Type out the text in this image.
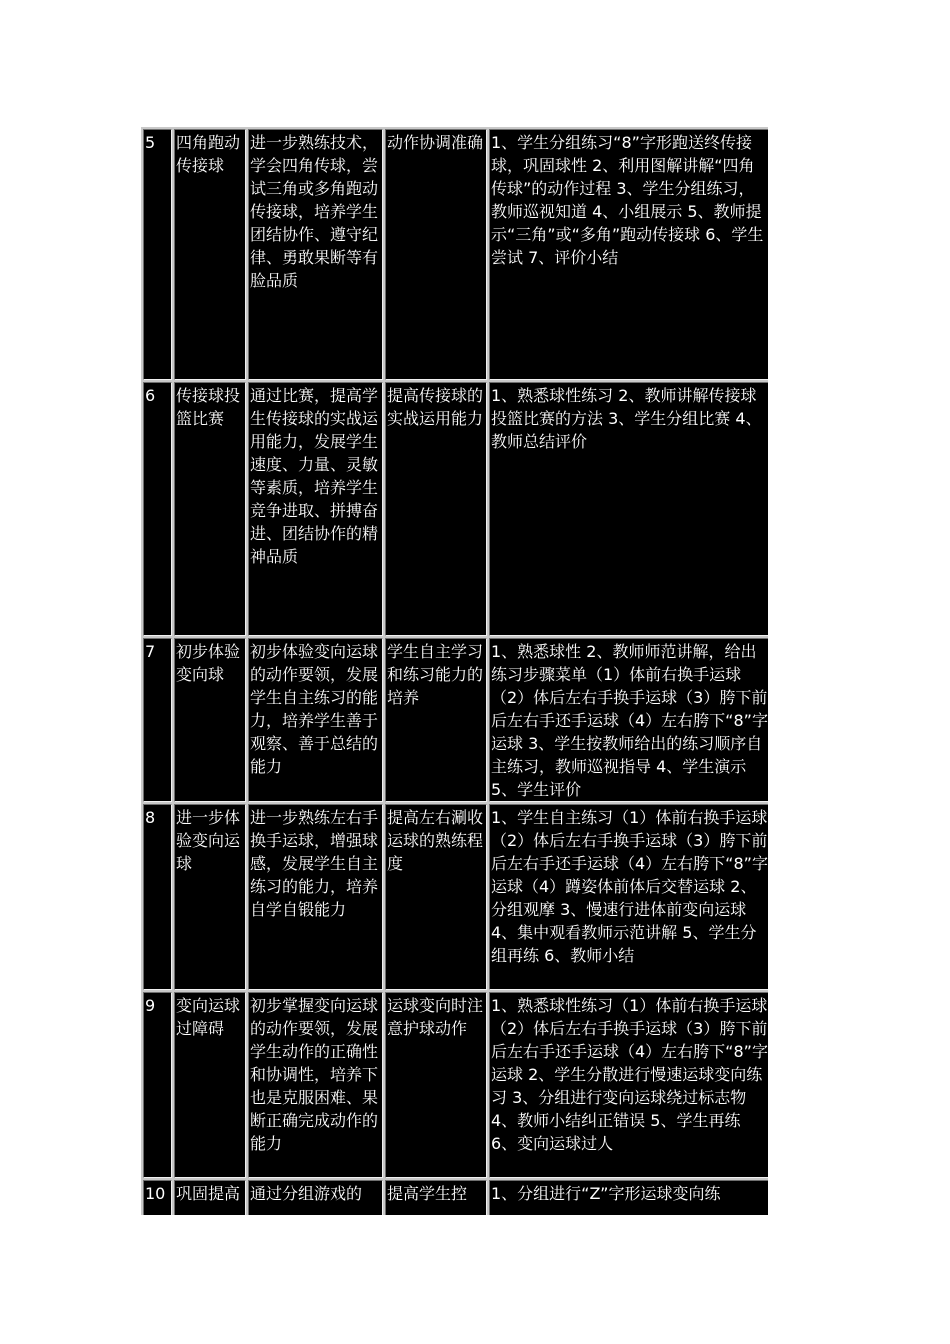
5	四角跑动传接球	进一步熟练技术，学会四角传球，尝试三角或多角跑动传接球，培养学生团结协作、遵守纪律、勇敢果断等有脸品质	动作协调准确	1、学生分组练习“8”字形跑送终传接球，巩固球性 2、利用图解讲解“四角传球”的动作过程 3、学生分组练习，教师巡视知道 4、小组展示 5、教师提示“三角”或“多角”跑动传接球 6、学生尝试 7、评价小结
6	传接球投篮比赛	通过比赛，提高学生传接球的实战运用能力，发展学生速度、力量、灵敏等素质，培养学生竞争进取、拼搏奋进、团结协作的精神品质	提高传接球的实战运用能力	1、熟悉球性练习 2、教师讲解传接球投篮比赛的方法 3、学生分组比赛 4、教师总结评价
7	初步体验变向球	初步体验变向运球的动作要领，发展学生自主练习的能力，培养学生善于观察、善于总结的能力	学生自主学习和练习能力的培养	1、熟悉球性 2、教师师范讲解，给出练习步骤菜单（1）体前右换手运球（2）体后左右手换手运球（3）胯下前后左右手还手运球（4）左右胯下“8”字运球 3、学生按教师给出的练习顺序自主练习，教师巡视指导 4、学生演示 5、学生评价
8	进一步体验变向运球	进一步熟练左右手换手运球，增强球感，发展学生自主练习的能力，培养自学自锻能力	提高左右涮收运球的熟练程度	1、学生自主练习（1）体前右换手运球（2）体后左右手换手运球（3）胯下前后左右手还手运球（4）左右胯下“8”字运球（4）蹲姿体前体后交替运球 2、分组观摩 3、慢速行进体前变向运球 4、集中观看教师示范讲解 5、学生分组再练 6、教师小结
9	变向运球过障碍	初步掌握变向运球的动作要领，发展学生动作的正确性和协调性，培养下也是克服困难、果断正确完成动作的能力	运球变向时注意护球动作	1、熟悉球性练习（1）体前右换手运球（2）体后左右手换手运球（3）胯下前后左右手还手运球（4）左右胯下“8”字运球 2、学生分散进行慢速运球变向练习 3、分组进行变向运球绕过标志物 4、教师小结纠正错误 5、学生再练 6、变向运球过人
10	巩固提高	通过分组游戏的	提高学生控	1、分组进行“Z”字形运球变向练
